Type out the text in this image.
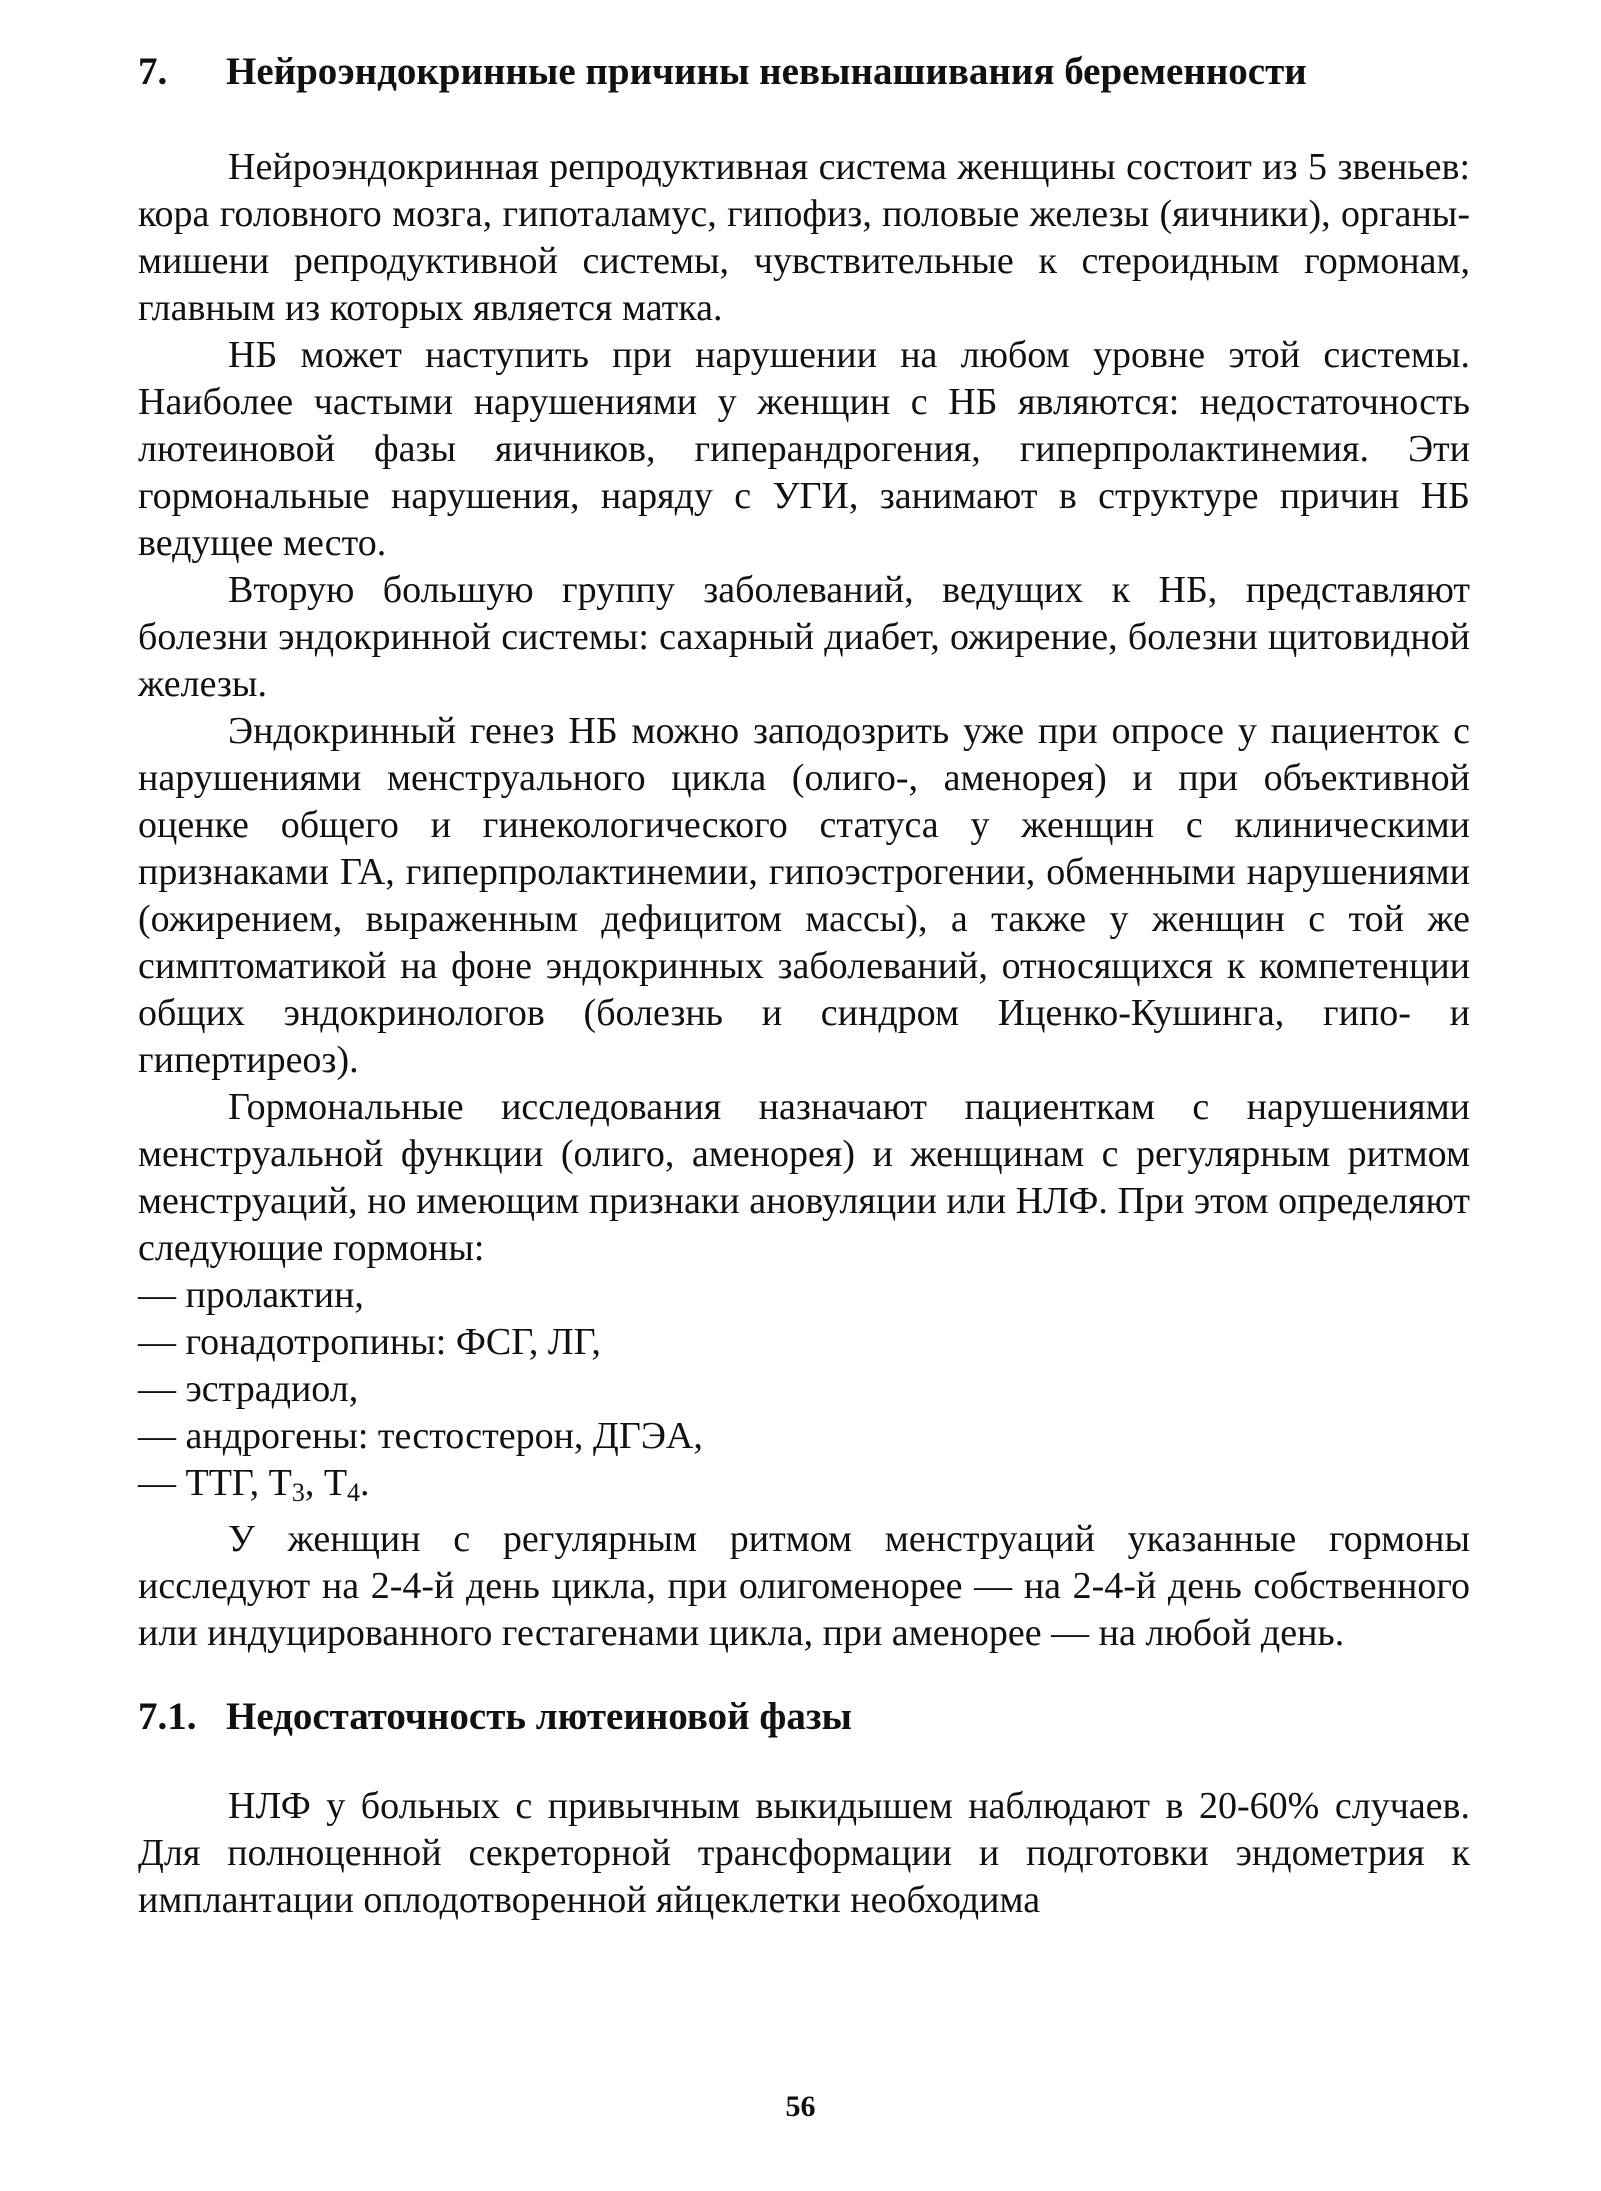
7.	Нейроэндокринные причины невынашивания беременности

Нейроэндокринная репродуктивная система женщины состоит из 5 звеньев: кора головного мозга, гипоталамус, гипофиз, половые железы (яичники), органы-мишени репродуктивной системы, чувствительные к стероидным гормонам, главным из которых является матка.

НБ может наступить при нарушении на любом уровне этой системы. Наиболее частыми нарушениями у женщин с НБ являются: недостаточность лютеиновой фазы яичников, гиперандрогения, гиперпролактинемия. Эти гормональные нарушения, наряду с УГИ, занимают в структуре причин НБ ведущее место.

Вторую большую группу заболеваний, ведущих к НБ, представляют болезни эндокринной системы: сахарный диабет, ожирение, болезни щитовидной железы.

Эндокринный генез НБ можно заподозрить уже при опросе у пациенток с нарушениями менструального цикла (олиго-, аменорея) и при объективной оценке общего и гинекологического статуса у женщин с клиническими признаками ГА, гиперпролактинемии, гипоэстрогении, обменными нарушениями (ожирением, выраженным дефицитом массы), а также у женщин с той же симптоматикой на фоне эндокринных заболеваний, относящихся к компетенции общих эндокринологов (болезнь и синдром Иценко-Кушинга, гипо- и гипертиреоз).

Гормональные исследования назначают пациенткам с нарушениями менструальной функции (олиго, аменорея) и женщинам с регулярным ритмом менструаций, но имеющим признаки ановуляции или НЛФ. При этом определяют следующие гормоны:

— пролактин,
— гонадотропины: ФСГ, ЛГ,
— эстрадиол,
— андрогены: тестостерон, ДГЭА,
— ТТГ, $Т_3$, $Т_4$.

У женщин с регулярным ритмом менструаций указанные гормоны исследуют на 2-4-й день цикла, при олигоменорее — на 2-4-й день собственного или индуцированного гестагенами цикла, при аменорее — на любой день.

7.1. Недостаточность лютеиновой фазы

НЛФ у больных с привычным выкидышем наблюдают в 20-60% случаев. Для полноценной секреторной трансформации и подготовки эндометрия к имплантации оплодотворенной яйцеклетки необходима

56
